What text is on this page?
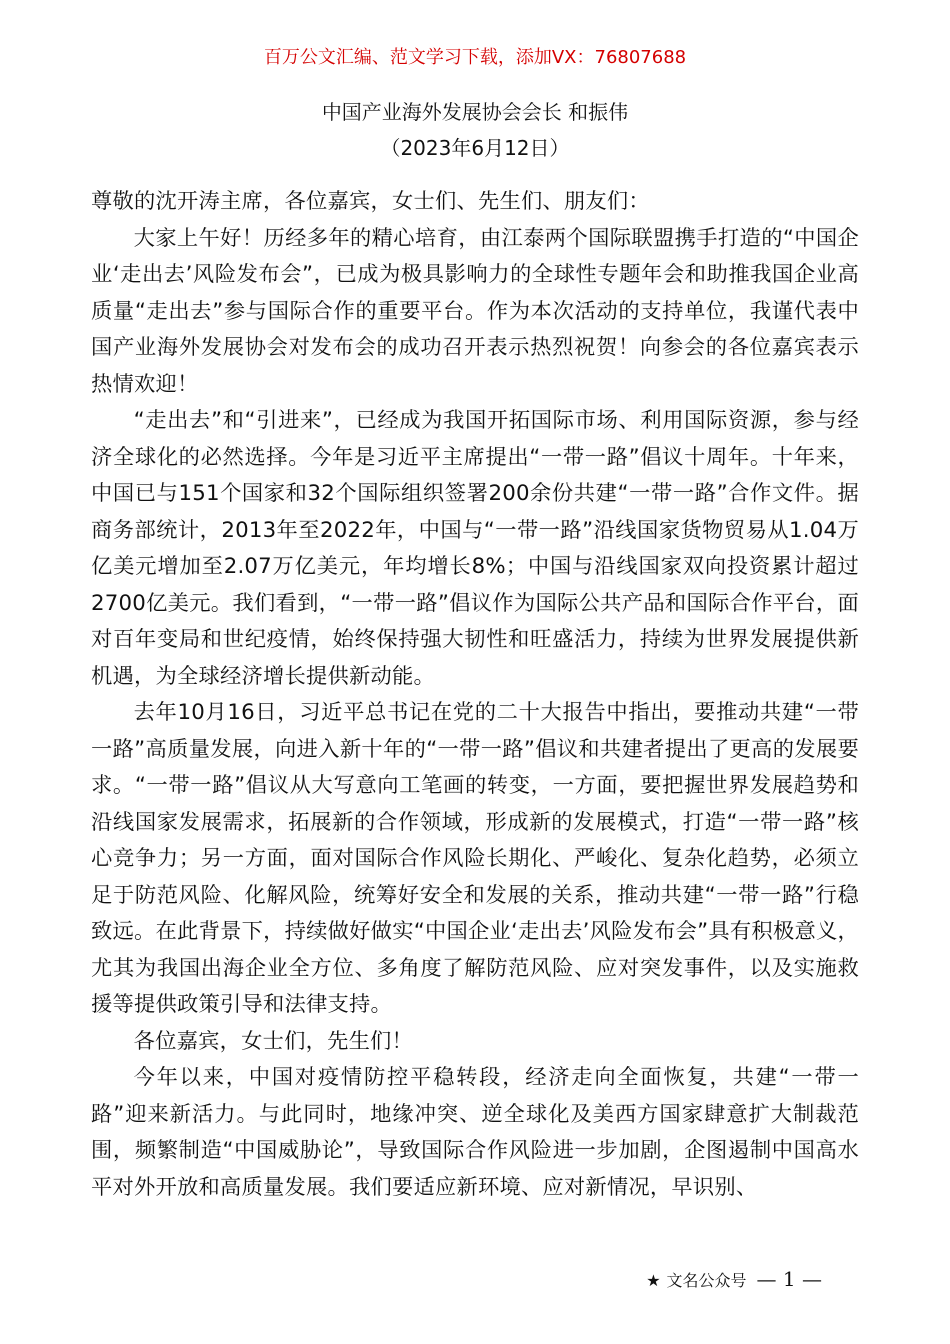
百万公文汇编、范文学习下载，添加VX：76807688
中国产业海外发展协会会长 和振伟
（2023年6月12日）

尊敬的沈开涛主席，各位嘉宾，女士们、先生们、朋友们：

大家上午好！历经多年的精心培育，由江泰两个国际联盟携手打造的“中国企业‘走出去’风险发布会”，已成为极具影响力的全球性专题年会和助推我国企业高质量“走出去”参与国际合作的重要平台。作为本次活动的支持单位，我谨代表中国产业海外发展协会对发布会的成功召开表示热烈祝贺！向参会的各位嘉宾表示热情欢迎！

“走出去”和“引进来”，已经成为我国开拓国际市场、利用国际资源，参与经济全球化的必然选择。今年是习近平主席提出“一带一路”倡议十周年。十年来，中国已与151个国家和32个国际组织签署200余份共建“一带一路”合作文件。据商务部统计，2013年至2022年，中国与“一带一路”沿线国家货物贸易从1.04万亿美元增加至2.07万亿美元，年均增长8%；中国与沿线国家双向投资累计超过2700亿美元。我们看到，“一带一路”倡议作为国际公共产品和国际合作平台，面对百年变局和世纪疫情，始终保持强大韧性和旺盛活力，持续为世界发展提供新机遇，为全球经济增长提供新动能。

去年10月16日，习近平总书记在党的二十大报告中指出，要推动共建“一带一路”高质量发展，向进入新十年的“一带一路”倡议和共建者提出了更高的发展要求。“一带一路”倡议从大写意向工笔画的转变，一方面，要把握世界发展趋势和沿线国家发展需求，拓展新的合作领域，形成新的发展模式，打造“一带一路”核心竞争力；另一方面，面对国际合作风险长期化、严峻化、复杂化趋势，必须立足于防范风险、化解风险，统筹好安全和发展的关系，推动共建“一带一路”行稳致远。在此背景下，持续做好做实“中国企业‘走出去’风险发布会”具有积极意义，尤其为我国出海企业全方位、多角度了解防范风险、应对突发事件，以及实施救援等提供政策引导和法律支持。

各位嘉宾，女士们，先生们！

今年以来，中国对疫情防控平稳转段，经济走向全面恢复，共建“一带一路”迎来新活力。与此同时，地缘冲突、逆全球化及美西方国家肆意扩大制裁范围，频繁制造“中国威胁论”，导致国际合作风险进一步加剧，企图遏制中国高水平对外开放和高质量发展。我们要适应新环境、应对新情况，早识别、

★ 文名公众号 — 1 —
